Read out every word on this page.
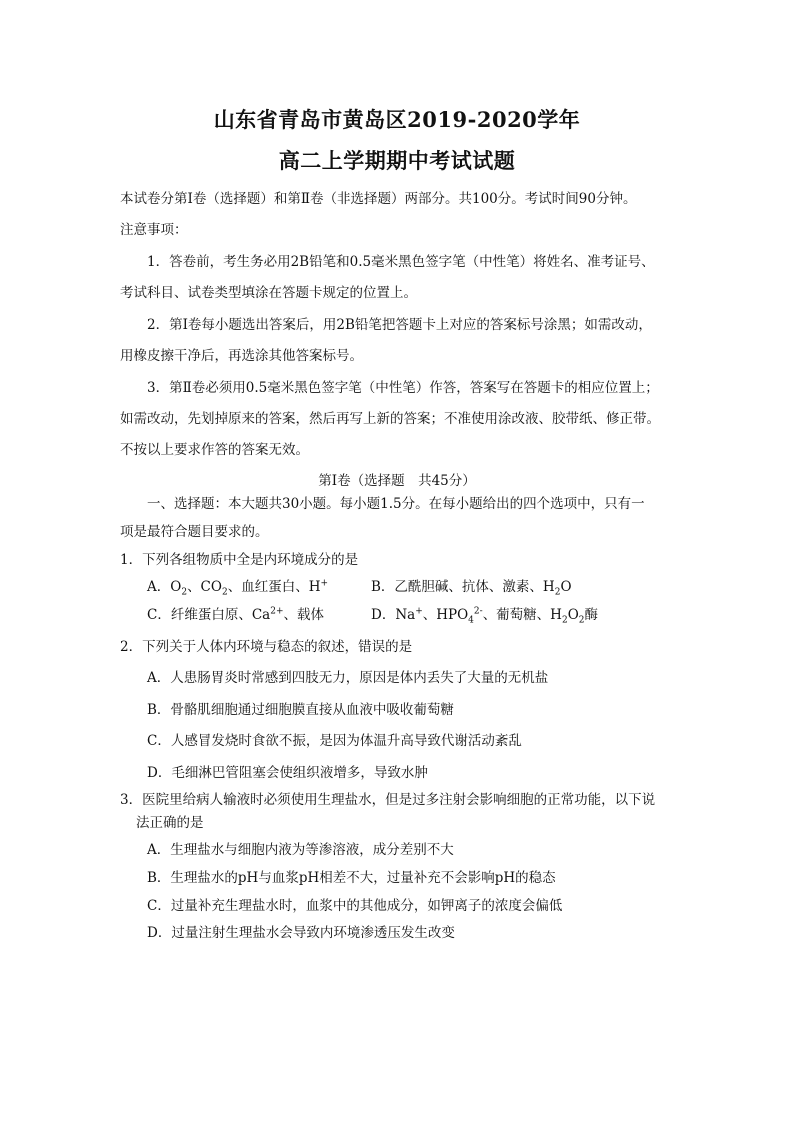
山东省青岛市黄岛区2019-2020学年
高二上学期期中考试试题
本试卷分第Ⅰ卷（选择题）和第Ⅱ卷（非选择题）两部分。共100分。考试时间90分钟。
注意事项：
1．答卷前，考生务必用2B铅笔和0.5毫米黑色签字笔（中性笔）将姓名、准考证号、
考试科目、试卷类型填涂在答题卡规定的位置上。
2．第Ⅰ卷每小题选出答案后，用2B铅笔把答题卡上对应的答案标号涂黑；如需改动，
用橡皮擦干净后，再选涂其他答案标号。
3．第Ⅱ卷必须用0.5毫米黑色签字笔（中性笔）作答，答案写在答题卡的相应位置上；
如需改动，先划掉原来的答案，然后再写上新的答案；不准使用涂改液、胶带纸、修正带。
不按以上要求作答的答案无效。
第Ⅰ卷（选择题　共45分）
一、选择题：本大题共30小题。每小题1.5分。在每小题给出的四个选项中，只有一
项是最符合题目要求的。
1．下列各组物质中全是内环境成分的是
A．$O_2$、$CO_2$、血红蛋白、H+	B．乙酰胆碱、抗体、激素、$H_2O$
C．纤维蛋白原、$Ca^{2+}$、载体	D．Na+、$HPO_4^{2-}$、葡萄糖、$H_2O_2$酶
2．下列关于人体内环境与稳态的叙述，错误的是
A．人患肠胃炎时常感到四肢无力，原因是体内丢失了大量的无机盐
B．骨骼肌细胞通过细胞膜直接从血液中吸收葡萄糖
C．人感冒发烧时食欲不振，是因为体温升高导致代谢活动紊乱
D．毛细淋巴管阻塞会使组织液增多，导致水肿
3．医院里给病人输液时必须使用生理盐水，但是过多注射会影响细胞的正常功能，以下说
法正确的是
A．生理盐水与细胞内液为等渗溶液，成分差别不大
B．生理盐水的pH与血浆pH相差不大，过量补充不会影响pH的稳态
C．过量补充生理盐水时，血浆中的其他成分，如钾离子的浓度会偏低
D．过量注射生理盐水会导致内环境渗透压发生改变
